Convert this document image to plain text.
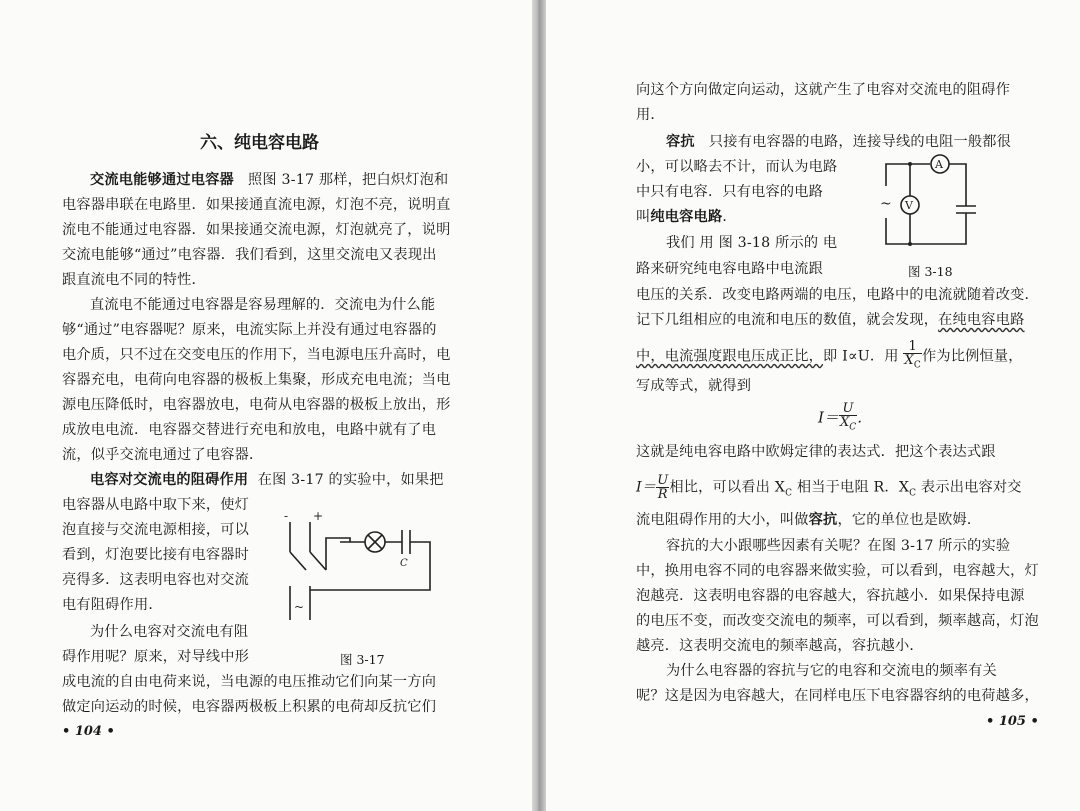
六、纯电容电路
交流电能够通过电容器 照图 3-17 那样，把白炽灯泡和
电容器串联在电路里．如果接通直流电源，灯泡不亮，说明直
流电不能通过电容器．如果接通交流电源，灯泡就亮了，说明
交流电能够“通过”电容器．我们看到，这里交流电又表现出
跟直流电不同的特性．
直流电不能通过电容器是容易理解的．交流电为什么能
够“通过”电容器呢？原来，电流实际上并没有通过电容器的
电介质，只不过在交变电压的作用下，当电源电压升高时，电
容器充电，电荷向电容器的极板上集聚，形成充电电流；当电
源电压降低时，电容器放电，电荷从电容器的极板上放出，形
成放电电流．电容器交替进行充电和放电，电路中就有了电
流，似乎交流电通过了电容器．
电容对交流电的阻碍作用 在图 3-17 的实验中，如果把
电容器从电路中取下来，使灯
泡直接与交流电源相接，可以
看到，灯泡要比接有电容器时
亮得多．这表明电容也对交流
电有阻碍作用．
为什么电容对交流电有阻
碍作用呢？原来，对导线中形
成电流的自由电荷来说，当电源的电压推动它们向某一方向
做定向运动的时候，电容器两极板上积累的电荷却反抗它们
- +
C
~
图 3-17
• 104 •
向这个方向做定向运动，这就产生了电容对交流电的阻碍作
用．
容抗 只接有电容器的电路，连接导线的电阻一般都很
小，可以略去不计，而认为电路
中只有电容．只有电容的电路
叫纯电容电路．
我们 用 图 3-18 所示的 电
路来研究纯电容电路中电流跟
电压的关系．改变电路两端的电压，电路中的电流就随着改变．
记下几组相应的电流和电压的数值，就会发现，在纯电容电路
中，电流强度跟电压成正比，即 I∝U．用 $\frac{1}{X_C}$ 作为比例恒量，
写成等式，就得到
$I= \frac{U}{X_C}$ ．
这就是纯电容电路中欧姆定律的表达式．把这个表达式跟
$I= \frac{U}{R}$ 相比，可以看出 $X_C$ 相当于电阻 R．$X_C$ 表示出电容对交
流电阻碍作用的大小，叫做容抗，它的单位也是欧姆．
容抗的大小跟哪些因素有关呢？在图 3-17 所示的实验
中，换用电容不同的电容器来做实验，可以看到，电容越大，灯
泡越亮．这表明电容器的电容越大，容抗越小．如果保持电源
的电压不变，而改变交流电的频率，可以看到，频率越高，灯泡
越亮．这表明交流电的频率越高，容抗越小．
为什么电容器的容抗与它的电容和交流电的频率有关
呢？这是因为电容越大，在同样电压下电容器容纳的电荷越多，
A
V
~
图 3-18
• 105 •
